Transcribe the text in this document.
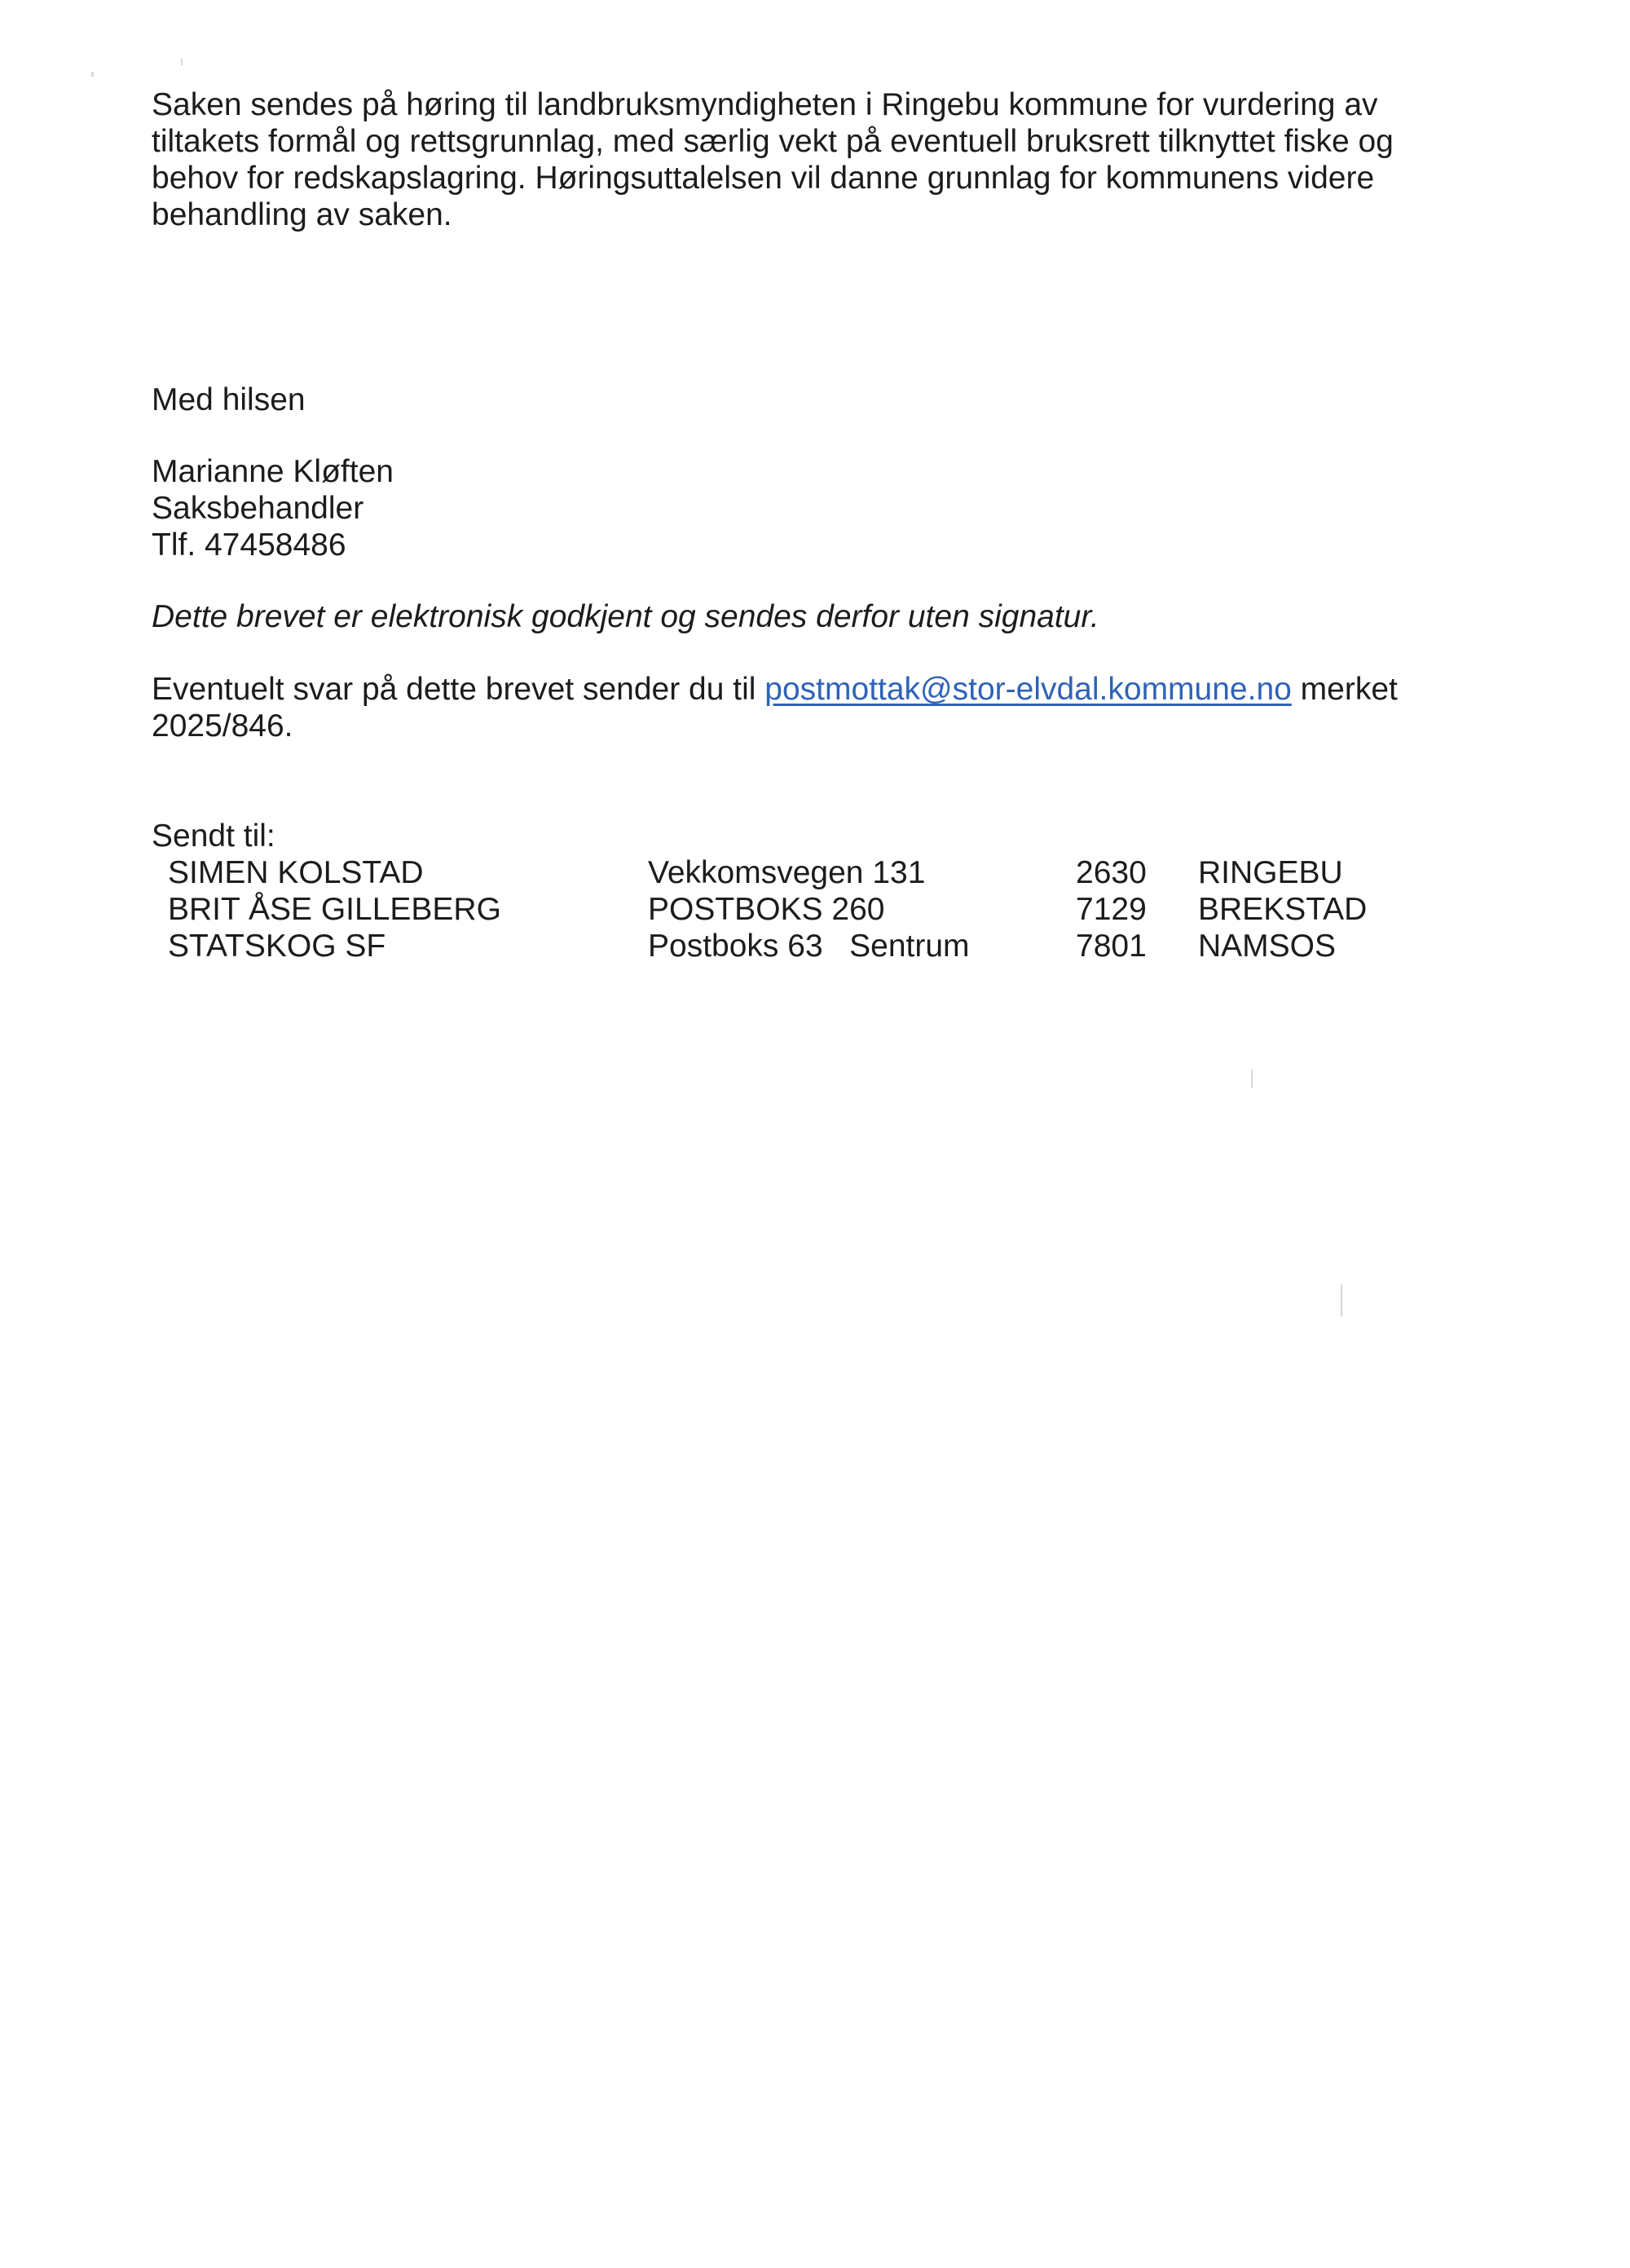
Saken sendes på høring til landbruksmyndigheten i Ringebu kommune for vurdering av
tiltakets formål og rettsgrunnlag, med særlig vekt på eventuell bruksrett tilknyttet fiske og
behov for redskapslagring. Høringsuttalelsen vil danne grunnlag for kommunens videre
behandling av saken.
Med hilsen
Marianne Kløften
Saksbehandler
Tlf. 47458486
Dette brevet er elektronisk godkjent og sendes derfor uten signatur.
Eventuelt svar på dette brevet sender du til postmottak@stor-elvdal.kommune.no merket
2025/846.
Sendt til:
SIMEN KOLSTAD	Vekkomsvegen 131	2630 RINGEBU
BRIT ÅSE GILLEBERG	POSTBOKS 260	7129 BREKSTAD
STATSKOG SF	Postboks 63   Sentrum	7801 NAMSOS
